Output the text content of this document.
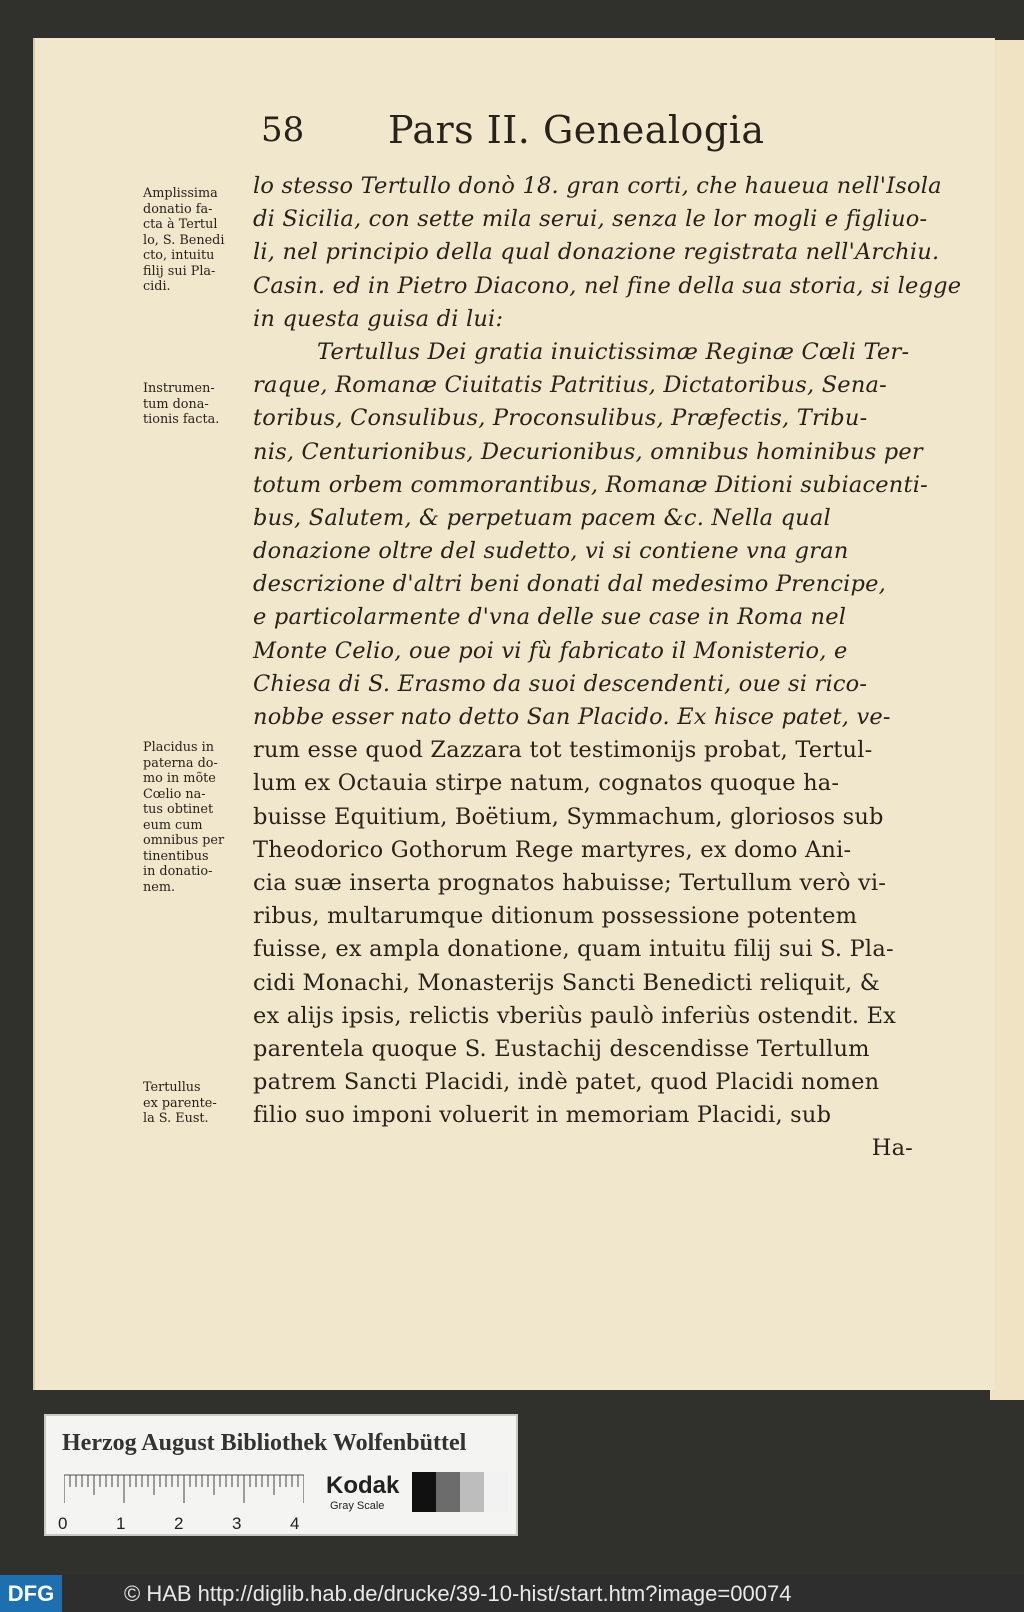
58 Pars II. Genealogia
Amplissima
donatio fa-
cta à Tertul
lo, S. Benedi
cto, intuitu
filij sui Pla-
cidi.
Instrumen-
tum dona-
tionis facta.
Placidus in
paterna do-
mo in mõte
Cœlio na-
tus obtinet
eum cum
omnibus per
tinentibus
in donatio-
nem.
Tertullus
ex parente-
la S. Eust.
lo stesso Tertullo donò 18. gran corti, che haueua nell'Isola
di Sicilia, con sette mila serui, senza le lor mogli e figliuo-
li, nel principio della qual donazione registrata nell'Archiu.
Casin. ed in Pietro Diacono, nel fine della sua storia, si legge
in questa guisa di lui:
Tertullus Dei gratia inuictissimæ Reginæ Cœli Ter-
raque, Romanæ Ciuitatis Patritius, Dictatoribus, Sena-
toribus, Consulibus, Proconsulibus, Præfectis, Tribu-
nis, Centurionibus, Decurionibus, omnibus hominibus per
totum orbem commorantibus, Romanæ Ditioni subiacenti-
bus, Salutem, & perpetuam pacem &c. Nella qual
donazione oltre del sudetto, vi si contiene vna gran
descrizione d'altri beni donati dal medesimo Prencipe,
e particolarmente d'vna delle sue case in Roma nel
Monte Celio, oue poi vi fù fabricato il Monisterio, e
Chiesa di S. Erasmo da suoi descendenti, oue si rico-
nobbe esser nato detto San Placido. Ex hisce patet, ve-
rum esse quod Zazzara tot testimonijs probat, Tertul-
lum ex Octauia stirpe natum, cognatos quoque ha-
buisse Equitium, Boëtium, Symmachum, gloriosos sub
Theodorico Gothorum Rege martyres, ex domo Ani-
cia suæ inserta prognatos habuisse; Tertullum verò vi-
ribus, multarumque ditionum possessione potentem
fuisse, ex ampla donatione, quam intuitu filij sui S. Pla-
cidi Monachi, Monasterijs Sancti Benedicti reliquit, &
ex alijs ipsis, relictis vberiùs paulò inferiùs ostendit. Ex
parentela quoque S. Eustachij descendisse Tertullum
patrem Sancti Placidi, indè patet, quod Placidi nomen
filio suo imponi voluerit in memoriam Placidi, sub
Ha-
Herzog August Bibliothek Wolfenbüttel
0	1	2	3	4
Kodak
Gray Scale
DFG	© HAB http://diglib.hab.de/drucke/39-10-hist/start.htm?image=00074
